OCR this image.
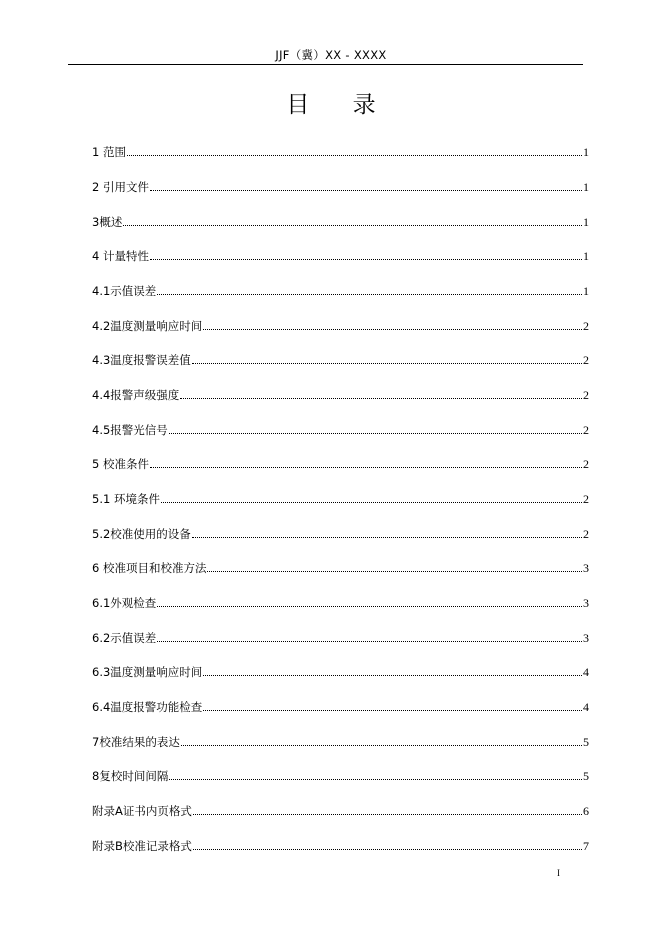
JJF（冀）XX - XXXX
目 录
1 范围	1
2 引用文件	1
3概述	1
4 计量特性	1
4.1示值误差	1
4.2温度测量响应时间	2
4.3温度报警误差值	2
4.4报警声级强度	2
4.5报警光信号	2
5 校准条件	2
5.1 环境条件	2
5.2校准使用的设备	2
6 校准项目和校准方法	3
6.1外观检查	3
6.2示值误差	3
6.3温度测量响应时间	4
6.4温度报警功能检查	4
7校准结果的表达	5
8复校时间间隔	5
附录A证书内页格式	6
附录B校准记录格式	7
I
